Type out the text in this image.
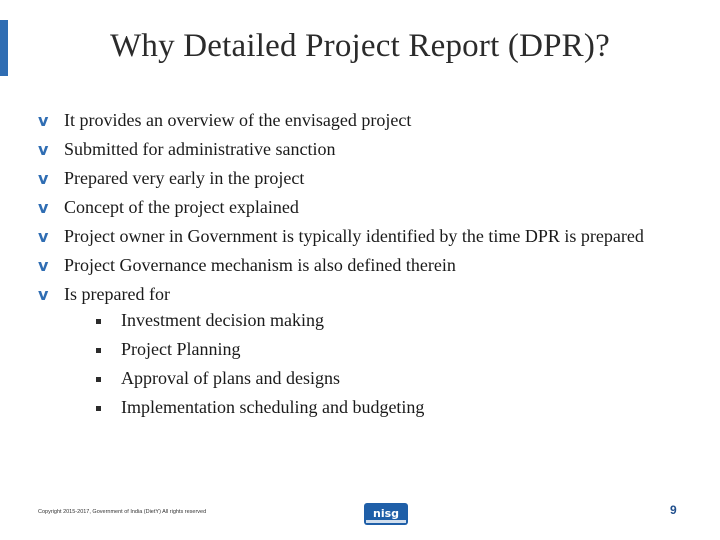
Why Detailed Project Report (DPR)?
v It provides an overview of the envisaged project
v Submitted for administrative sanction
v Prepared very early in the project
v Concept of the project explained
v Project owner in Government is typically identified by the time DPR is prepared
v Project Governance mechanism is also defined therein
v Is prepared for
Investment decision making
Project Planning
Approval of plans and designs
Implementation scheduling and budgeting
Copyright 2015-2017, Government of India (DietY) All rights reserved	nisg	9
